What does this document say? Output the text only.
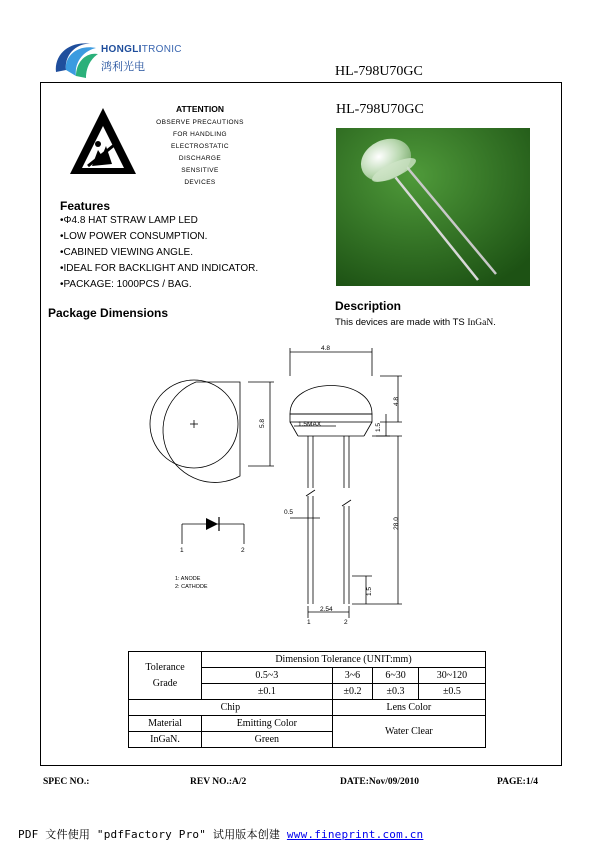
HONGLITRONIC
鸿利光电	HL-798U70GC
ATTENTION
OBSERVE PRECAUTIONS
FOR HANDLING
ELECTROSTATIC
DISCHARGE
SENSITIVE
DEVICES
Features
•Φ4.8 HAT STRAW LAMP LED
•LOW POWER CONSUMPTION.
•CABINED VIEWING ANGLE.
•IDEAL FOR BACKLIGHT AND INDICATOR.
•PACKAGE: 1000PCS / BAG.
HL-798U70GC
Description
This devices are made with TS InGaN.
Package Dimensions
4.8
5.8
4.8
1.5MAX	1.5
0.5
28.0
1.5
2.54
1	2
1	2
1: ANODE
2: CATHODE
Tolerance
Grade	Dimension Tolerance (UNIT:mm)			
	0.5~3	3~6	6~30	30~120
	±0.1	±0.2	±0.3	±0.5
Chip		Lens Color		
Material	Emitting Color	Water Clear		
InGaN.	Green			
SPEC NO.:	REV NO.:A/2	DATE:Nov/09/2010	PAGE:1/4
PDF 文件使用 "pdfFactory Pro" 试用版本创建 www.fineprint.com.cn
